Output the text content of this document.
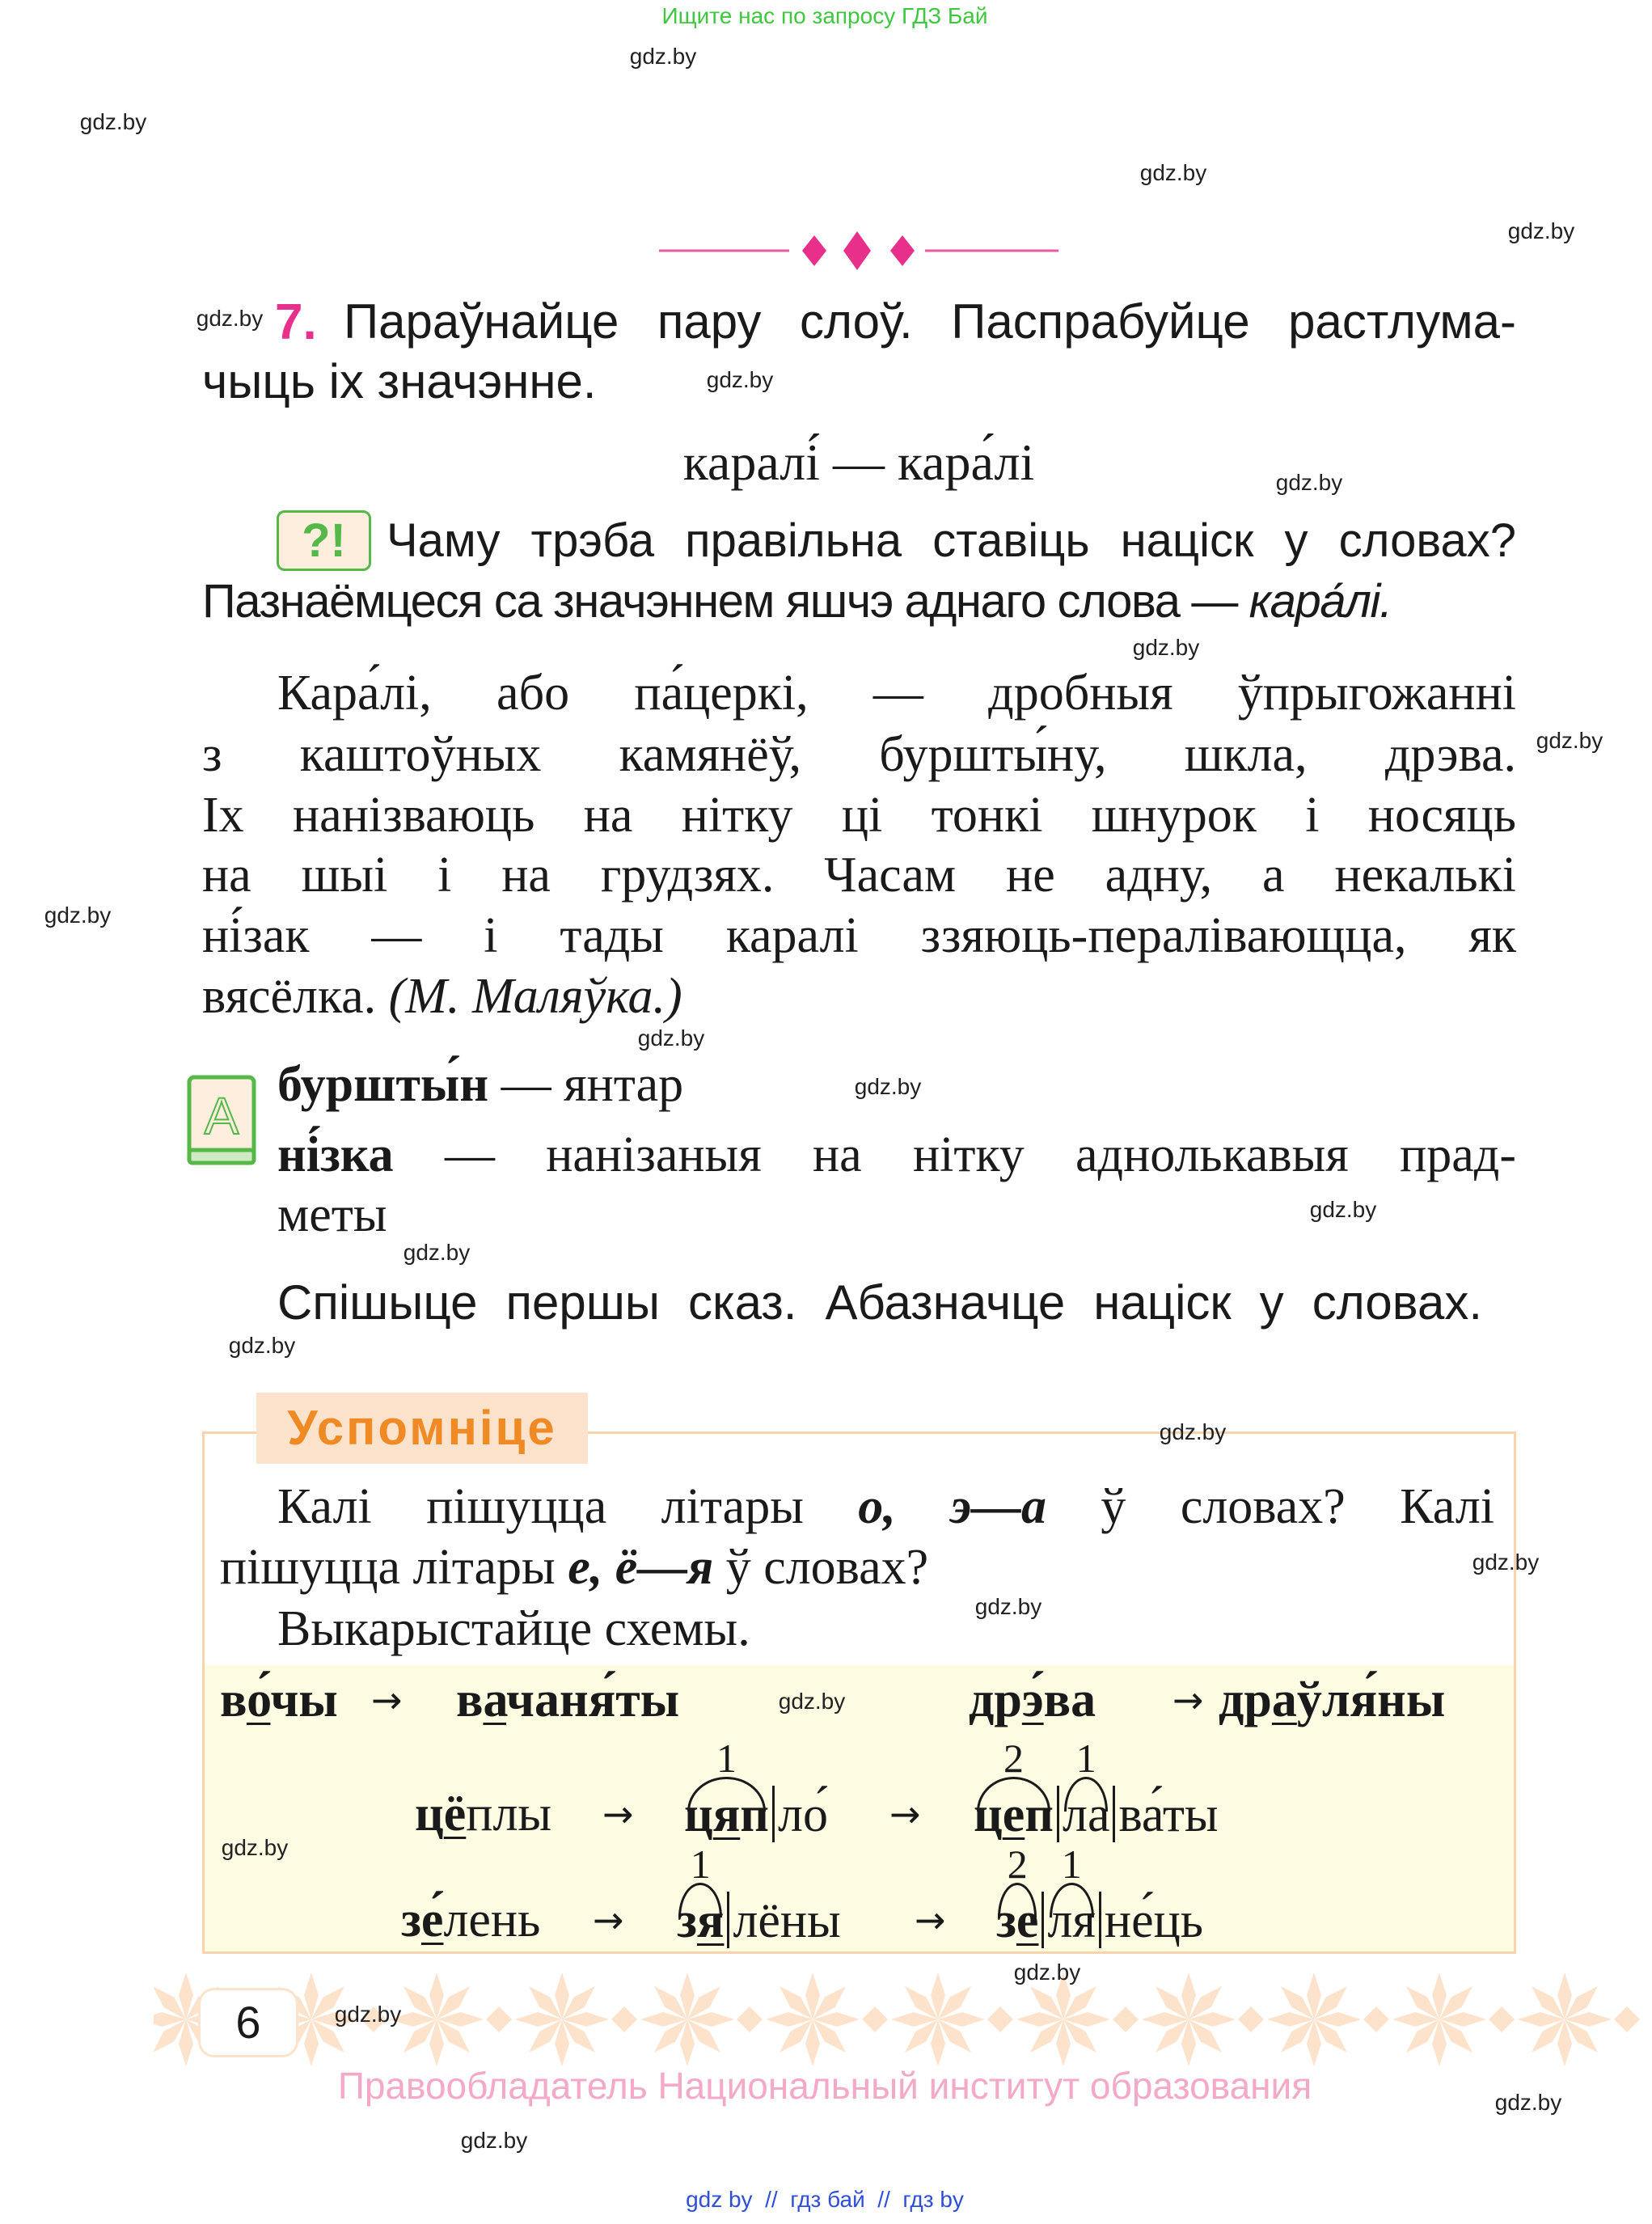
Ищите нас по запросу ГДЗ Бай
gdz.by
gdz.by
gdz.by
gdz.by
gdz.by
gdz.by
gdz.by
gdz.by
gdz.by
gdz.by
gdz.by
gdz.by
gdz.by
gdz.by
gdz.by
gdz.by
gdz.by
gdz.by
gdz.by
gdz.by
gdz.by
gdz.by
gdz.by
gdz.by
7. Параўнайце пару слоў. Паспрабуйце растлума-
чыць іх значэнне.
каралі́ — кара́лі
?! Чаму трэба правільна ставіць націск у словах?
Пазнаёмцеся са значэннем яшчэ аднаго слова — кара́лі.
Кара́лі, або па́церкі, — дробныя ўпрыгожанні
з каштоўных камянёў, буршты́ну, шкла, дрэва.
Іх нанізваюць на нітку ці тонкі шнурок і носяць
на шыі і на грудзях. Часам не адну, а некалькі
ні́зак — і тады каралі ззяюць-пералівающца, як
вясёлка. (М. Маляўка.)
А
буршты́н — янтар
ні́зка — нанізаныя на нітку аднолькавыя прад-
меты
Спішыце першы сказ. Абазначце націск у словах.
Успомніце
Калі пішуцца літары о, э—а ў словах? Калі
пішуцца літары е, ё—я ў словах?
Выкарыстайце схемы.
во́чы → вачаня́ты	дрэ́ва → драўля́ны
цёплы →
1
цяп ло́ →
2
цеп
1
ла ва́ты
зе́лень →
1
зя лёны →
2
зе
1
ля не́ць
6
Правообладатель Национальный институт образования
gdz by  //  гдз бай  //  гдз by
